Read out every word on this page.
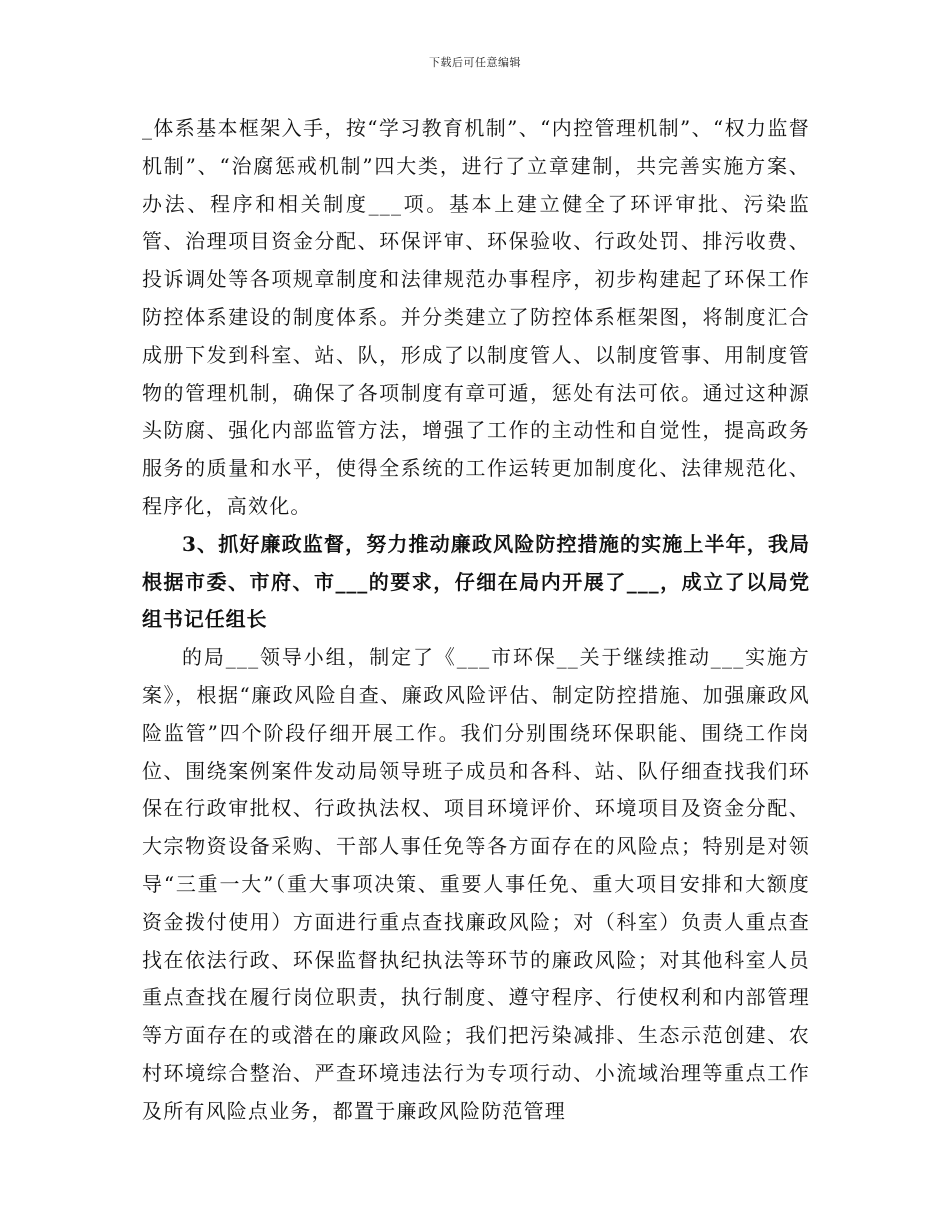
下载后可任意编辑

_体系基本框架入手，按“学习教育机制”、“内控管理机制”、“权力监督机制”、“治腐惩戒机制”四大类，进行了立章建制，共完善实施方案、办法、程序和相关制度___项。基本上建立健全了环评审批、污染监管、治理项目资金分配、环保评审、环保验收、行政处罚、排污收费、投诉调处等各项规章制度和法律规范办事程序，初步构建起了环保工作防控体系建设的制度体系。并分类建立了防控体系框架图，将制度汇合成册下发到科室、站、队，形成了以制度管人、以制度管事、用制度管物的管理机制，确保了各项制度有章可遁，惩处有法可依。通过这种源头防腐、强化内部监管方法，增强了工作的主动性和自觉性，提高政务服务的质量和水平，使得全系统的工作运转更加制度化、法律规范化、程序化，高效化。

3、抓好廉政监督，努力推动廉政风险防控措施的实施上半年，我局根据市委、市府、市___的要求，仔细在局内开展了___，成立了以局党组书记任组长

的局___领导小组，制定了《___市环保__关于继续推动___实施方案》，根据“廉政风险自查、廉政风险评估、制定防控措施、加强廉政风险监管”四个阶段仔细开展工作。我们分别围绕环保职能、围绕工作岗位、围绕案例案件发动局领导班子成员和各科、站、队仔细查找我们环保在行政审批权、行政执法权、项目环境评价、环境项目及资金分配、大宗物资设备采购、干部人事任免等各方面存在的风险点；特别是对领导“三重一大”（重大事项决策、重要人事任免、重大项目安排和大额度资金拨付使用）方面进行重点查找廉政风险；对（科室）负责人重点查找在依法行政、环保监督执纪执法等环节的廉政风险；对其他科室人员重点查找在履行岗位职责，执行制度、遵守程序、行使权利和内部管理等方面存在的或潜在的廉政风险；我们把污染减排、生态示范创建、农村环境综合整治、严查环境违法行为专项行动、小流域治理等重点工作及所有风险点业务，都置于廉政风险防范管理
